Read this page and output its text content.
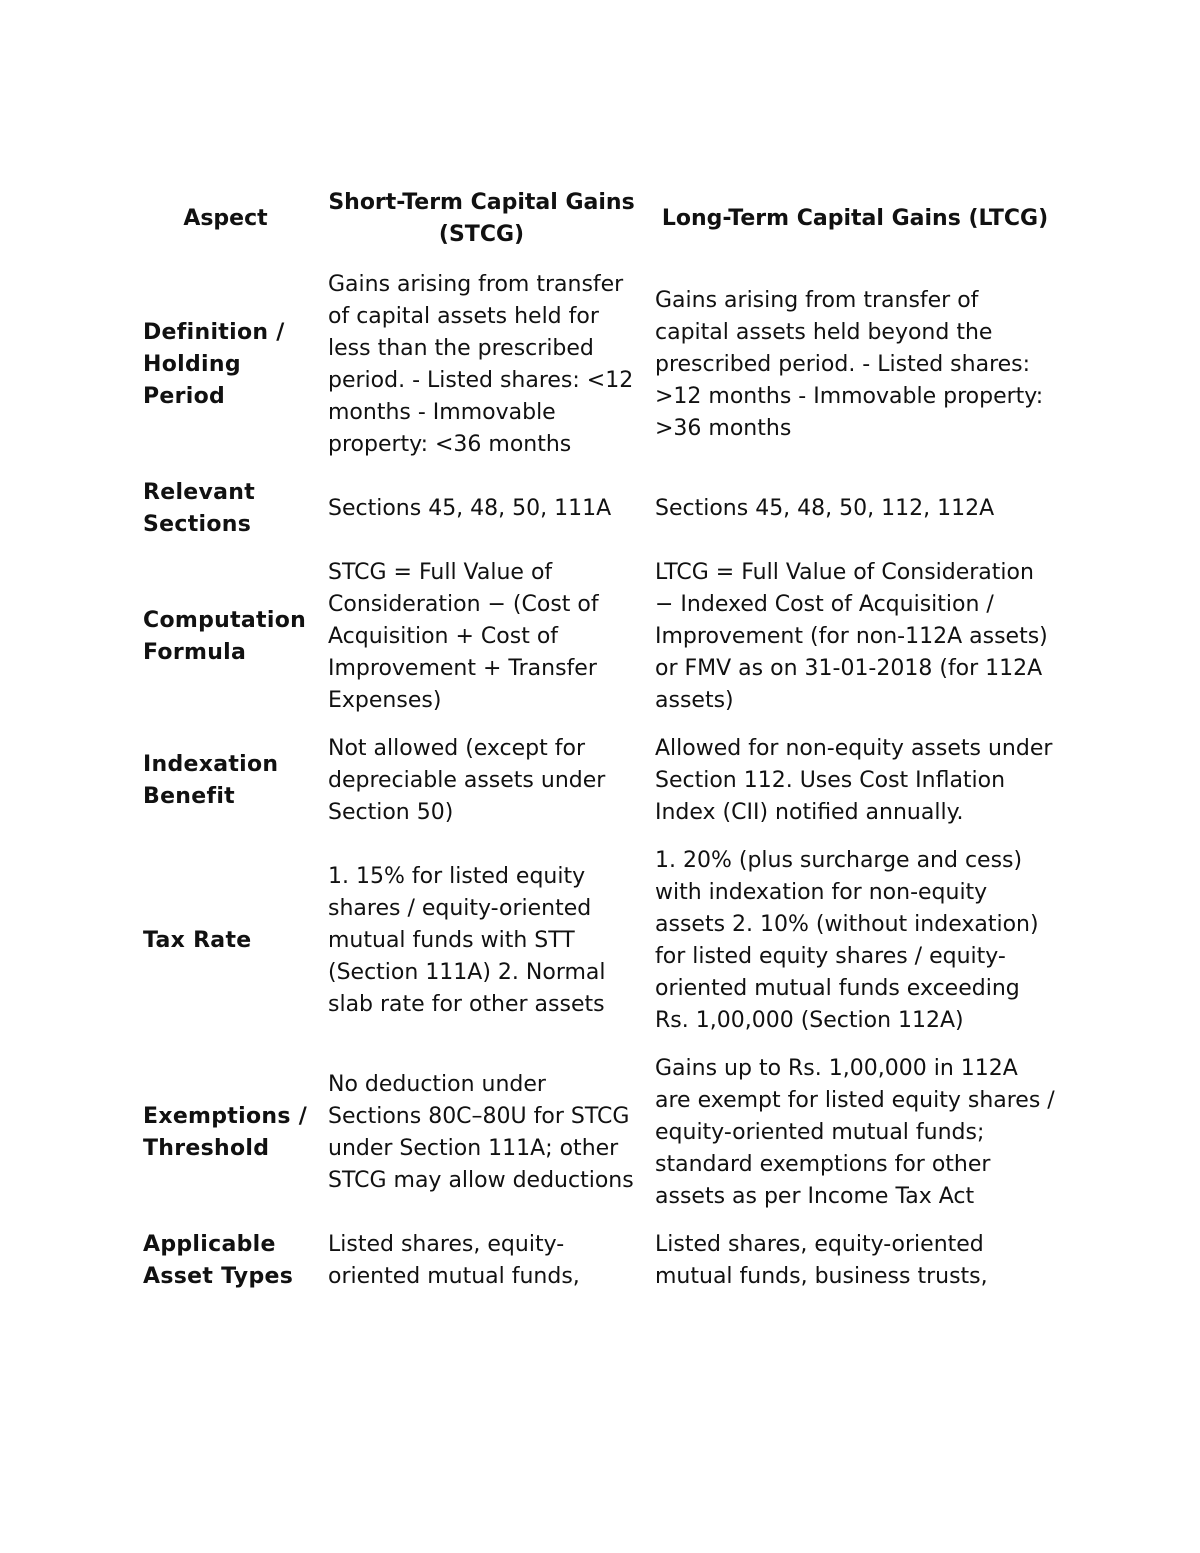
Aspect	Short-Term Capital Gains (STCG)	Long-Term Capital Gains (LTCG)
Definition / Holding Period	Gains arising from transfer of capital assets held for less than the prescribed period. - Listed shares: <12 months - Immovable property: <36 months	Gains arising from transfer of capital assets held beyond the prescribed period. - Listed shares: >12 months - Immovable property: >36 months
Relevant Sections	Sections 45, 48, 50, 111A	Sections 45, 48, 50, 112, 112A
Computation Formula	STCG = Full Value of Consideration − (Cost of Acquisition + Cost of Improvement + Transfer Expenses)	LTCG = Full Value of Consideration − Indexed Cost of Acquisition / Improvement (for non-112A assets) or FMV as on 31-01-2018 (for 112A assets)
Indexation Benefit	Not allowed (except for depreciable assets under Section 50)	Allowed for non-equity assets under Section 112. Uses Cost Inflation Index (CII) notified annually.
Tax Rate	1. 15% for listed equity shares / equity-oriented mutual funds with STT (Section 111A) 2. Normal slab rate for other assets	1. 20% (plus surcharge and cess) with indexation for non-equity assets 2. 10% (without indexation) for listed equity shares / equity-oriented mutual funds exceeding Rs. 1,00,000 (Section 112A)
Exemptions / Threshold	No deduction under Sections 80C–80U for STCG under Section 111A; other STCG may allow deductions	Gains up to Rs. 1,00,000 in 112A are exempt for listed equity shares / equity-oriented mutual funds; standard exemptions for other assets as per Income Tax Act
Applicable Asset Types	Listed shares, equity-oriented mutual funds,	Listed shares, equity-oriented mutual funds, business trusts,
